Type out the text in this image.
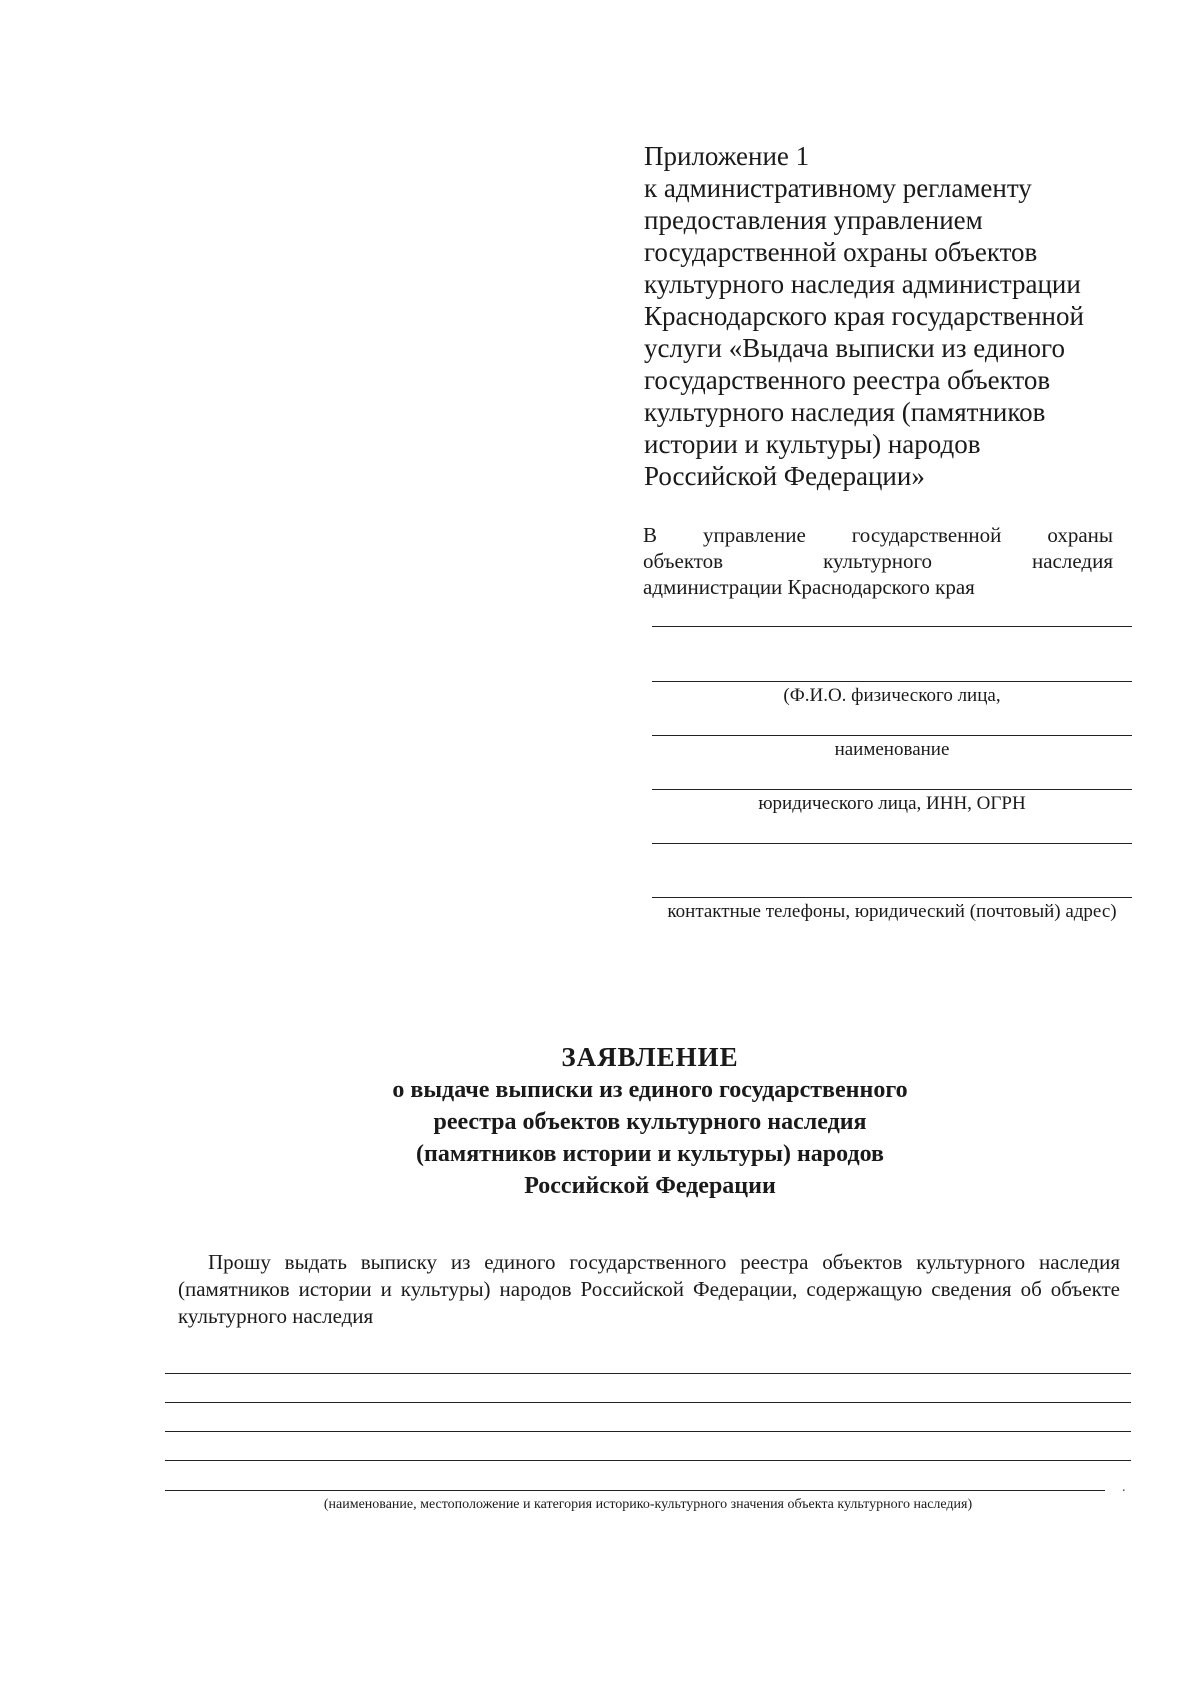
Приложение 1
к административному регламенту
предоставления управлением
государственной охраны объектов
культурного наследия администрации
Краснодарского края государственной
услуги «Выдача выписки из единого
государственного реестра объектов
культурного наследия (памятников
истории и культуры) народов
Российской Федерации»
В управление государственной охраны
объектов	культурного	наследия
администрации Краснодарского края
(Ф.И.О. физического лица,
наименование
юридического лица, ИНН, ОГРН
контактные телефоны, юридический (почтовый) адрес)
ЗАЯВЛЕНИЕ
о выдаче выписки из единого государственного
реестра объектов культурного наследия
(памятников истории и культуры) народов
Российской Федерации
Прошу выдать выписку из единого государственного реестра объектов культурного наследия (памятников истории и культуры) народов Российской Федерации, содержащую сведения об объекте культурного наследия
.
(наименование, местоположение и категория историко-культурного значения объекта культурного наследия)
